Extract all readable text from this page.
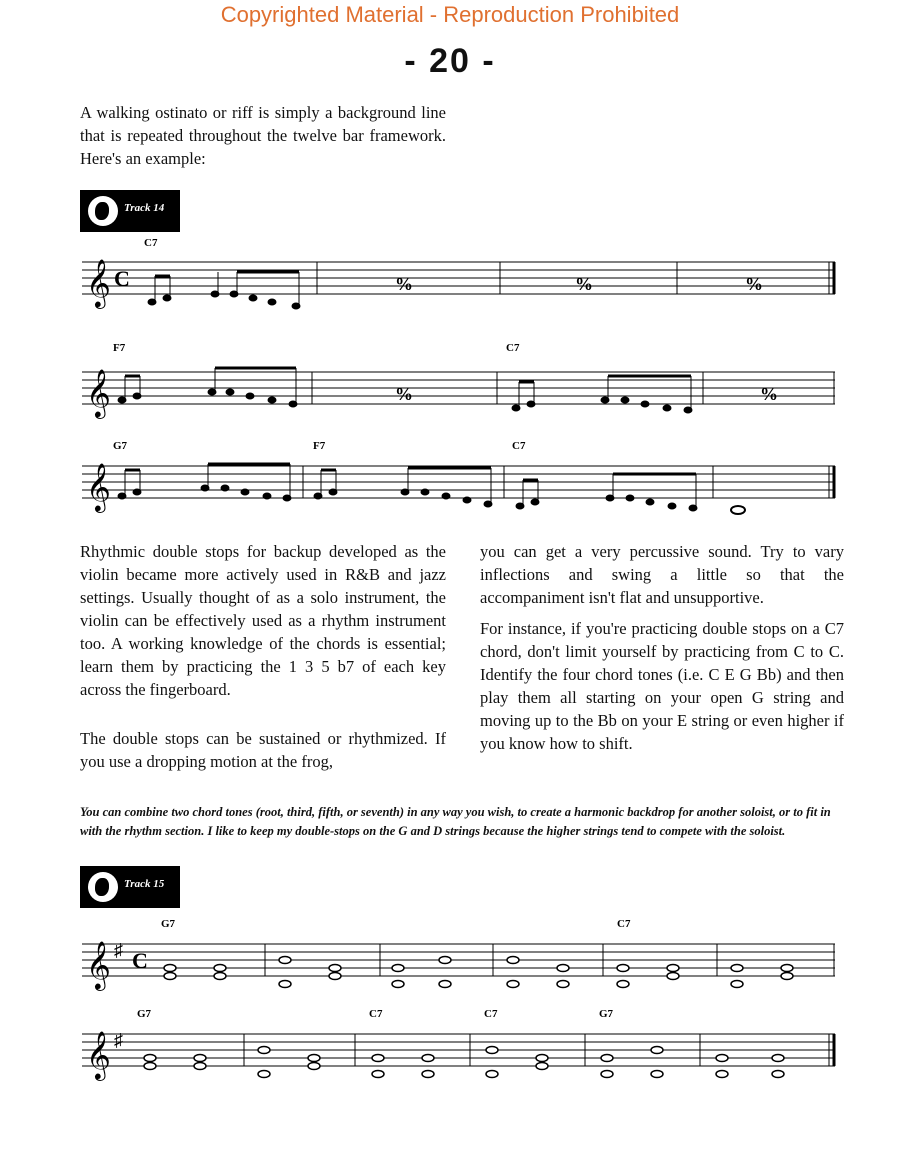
Copyrighted Material - Reproduction Prohibited
- 20 -

A walking ostinato or riff is simply a background line that is repeated throughout the twelve bar framework. Here's an example:

Track 14

Rhythmic double stops for backup developed as the violin became more actively used in R&B and jazz settings. Usually thought of as a solo instrument, the violin can be effectively used as a rhythm instrument too. A working knowledge of the chords is essential; learn them by practicing the 1 3 5 b7 of each key across the fingerboard.

The double stops can be sustained or rhythmized. If you use a dropping motion at the frog,

you can get a very percussive sound. Try to vary inflections and swing a little so that the accompaniment isn't flat and unsupportive.

For instance, if you're practicing double stops on a C7 chord, don't limit yourself by practicing from C to C. Identify the four chord tones (i.e. C E G Bb) and then play them all starting on your open G string and moving up to the Bb on your E string or even higher if you know how to shift.

You can combine two chord tones (root, third, fifth, or seventh) in any way you wish, to create a harmonic backdrop for another soloist, or to fit in with the rhythm section. I like to keep my double-stops on the G and D strings because the higher strings tend to compete with the soloist.

Track 15
𝄞 C
C7
%	%	%
𝄞
F7	C7
%	%
𝄞
G7	F7	C7
𝄞 ♯ C
G7	C7
𝄞 ♯
G7	C7	C7	G7
